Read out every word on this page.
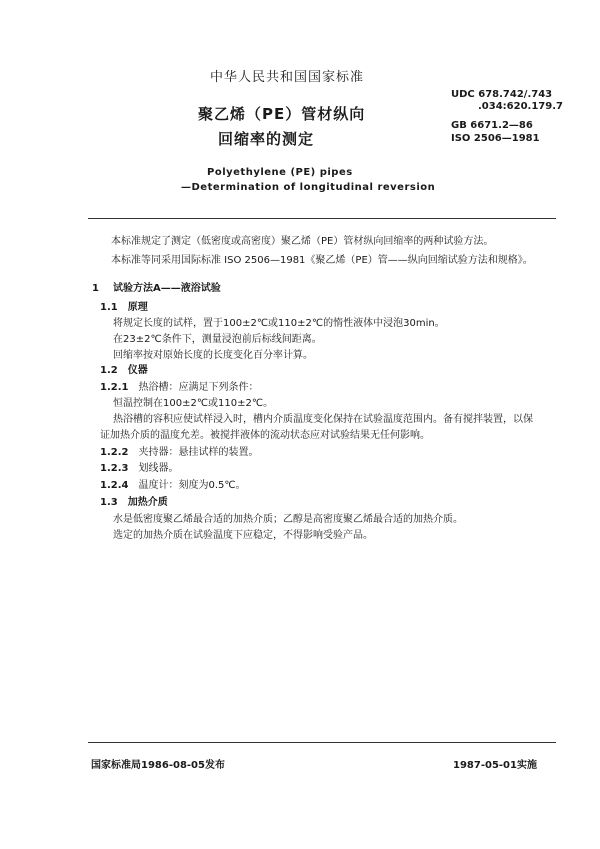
中华人民共和国国家标准
聚乙烯（PE）管材纵向
回缩率的测定
UDC 678.742/.743
.034:620.179.7
GB 6671.2—86
ISO 2506—1981
Polyethylene (PE) pipes
—Determination of longitudinal reversion
本标准规定了测定（低密度或高密度）聚乙烯（PE）管材纵向回缩率的两种试验方法。
本标准等同采用国际标准 ISO 2506—1981《聚乙烯（PE）管——纵向回缩试验方法和规格》。
1 试验方法A——液浴试验
1.1 原理
将规定长度的试样，置于100±2℃或110±2℃的惰性液体中浸泡30min。
在23±2℃条件下，测量浸泡前后标线间距离。
回缩率按对原始长度的长度变化百分率计算。
1.2 仪器
1.2.1 热浴槽：应满足下列条件：
恒温控制在100±2℃或110±2℃。
热浴槽的容积应使试样浸入时，槽内介质温度变化保持在试验温度范围内。备有搅拌装置，以保
证加热介质的温度允差。被搅拌液体的流动状态应对试验结果无任何影响。
1.2.2 夹持器：悬挂试样的装置。
1.2.3 划线器。
1.2.4 温度计：刻度为0.5℃。
1.3 加热介质
水是低密度聚乙烯最合适的加热介质；乙醇是高密度聚乙烯最合适的加热介质。
选定的加热介质在试验温度下应稳定，不得影响受验产品。
国家标准局1986-08-05发布	1987-05-01实施
